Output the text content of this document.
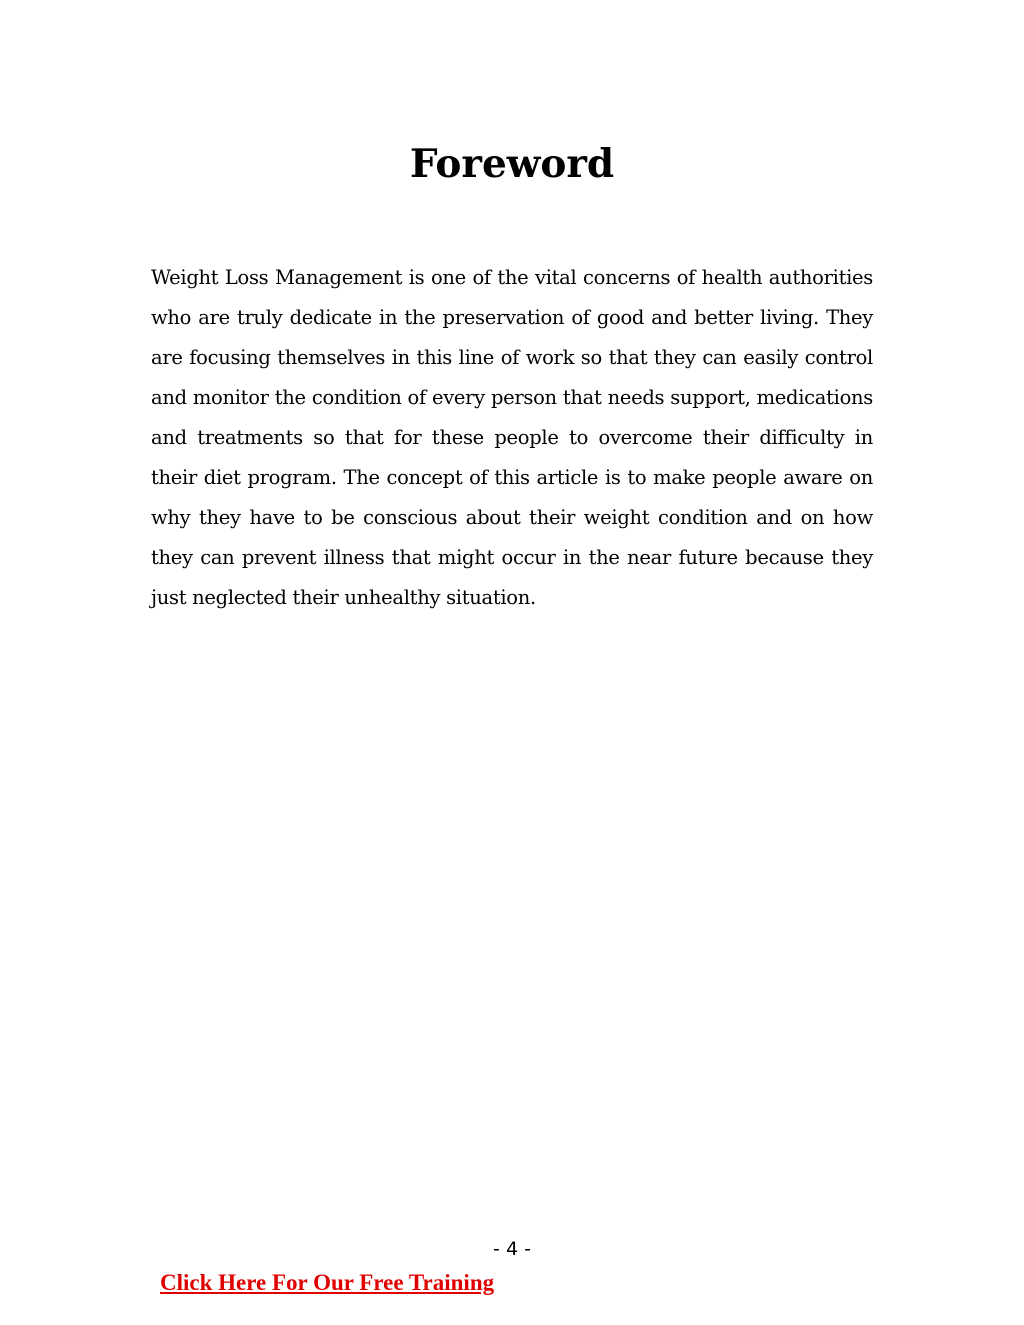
Foreword

Weight Loss Management is one of the vital concerns of health authorities who are truly dedicate in the preservation of good and better living. They are focusing themselves in this line of work so that they can easily control and monitor the condition of every person that needs support, medications and treatments so that for these people to overcome their difficulty in their diet program. The concept of this article is to make people aware on why they have to be conscious about their weight condition and on how they can prevent illness that might occur in the near future because they just neglected their unhealthy situation.

- 4 -
Click Here For Our Free Training
